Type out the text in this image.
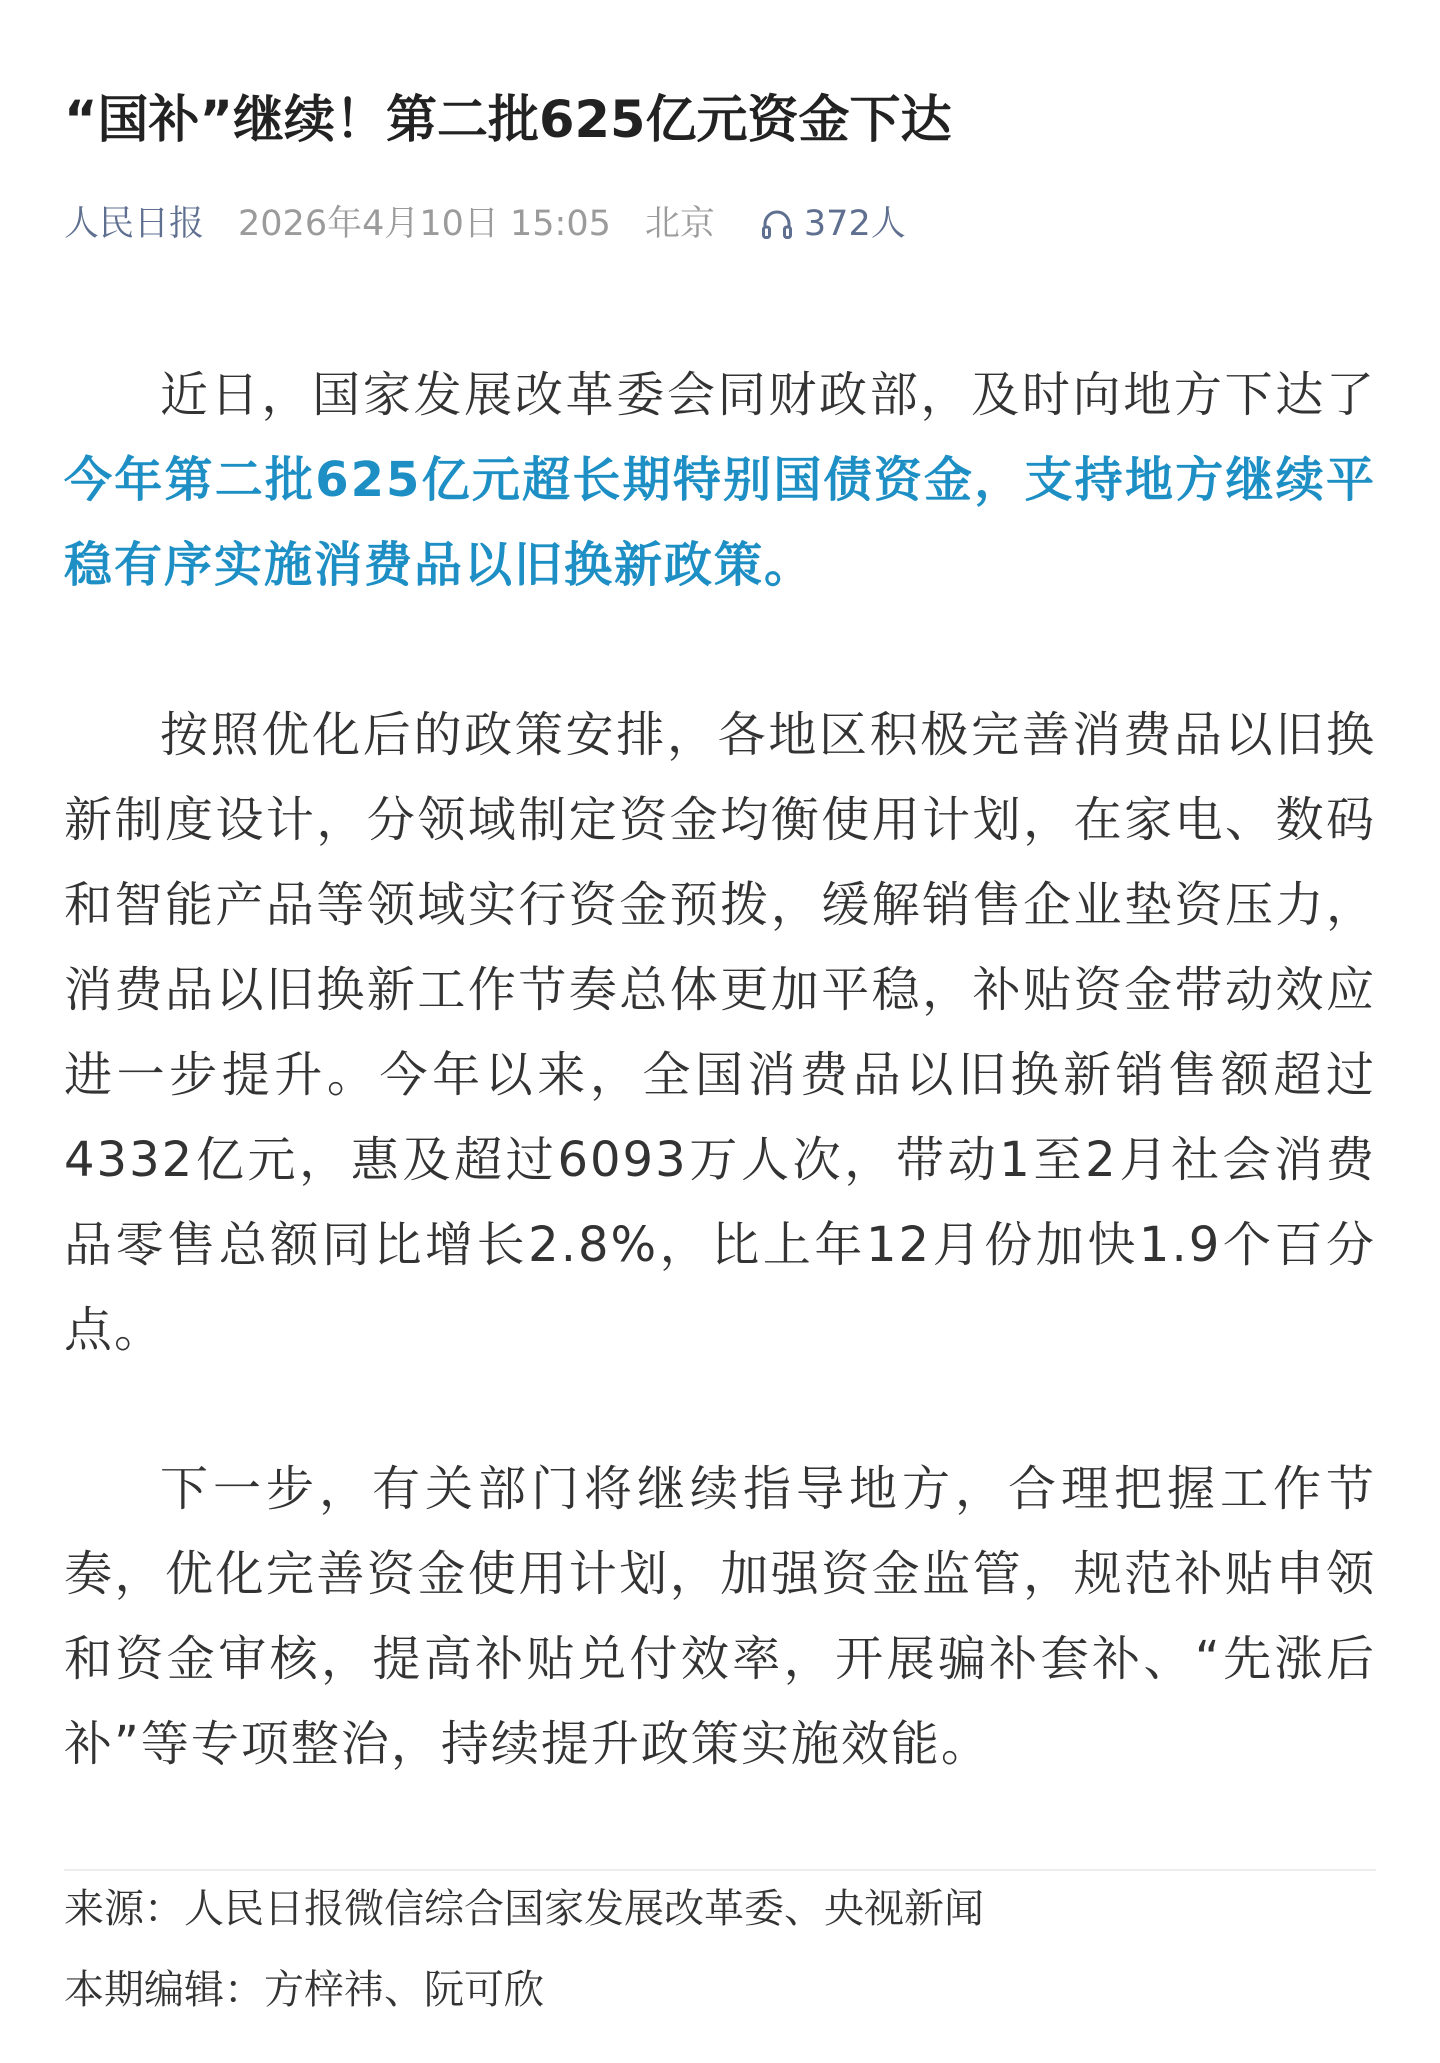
“国补”继续！第二批625亿元资金下达
人民日报 2026年4月10日 15:05 北京	372人

近日，国家发展改革委会同财政部，及时向地方下达了今年第二批625亿元超长期特别国债资金，支持地方继续平稳有序实施消费品以旧换新政策。

按照优化后的政策安排，各地区积极完善消费品以旧换新制度设计，分领域制定资金均衡使用计划，在家电、数码和智能产品等领域实行资金预拨，缓解销售企业垫资压力，消费品以旧换新工作节奏总体更加平稳，补贴资金带动效应进一步提升。今年以来，全国消费品以旧换新销售额超过4332亿元，惠及超过6093万人次，带动1至2月社会消费品零售总额同比增长2.8%，比上年12月份加快1.9个百分点。

下一步，有关部门将继续指导地方，合理把握工作节奏，优化完善资金使用计划，加强资金监管，规范补贴申领和资金审核，提高补贴兑付效率，开展骗补套补、“先涨后补”等专项整治，持续提升政策实施效能。

来源：人民日报微信综合国家发展改革委、央视新闻

本期编辑：方梓祎、阮可欣
